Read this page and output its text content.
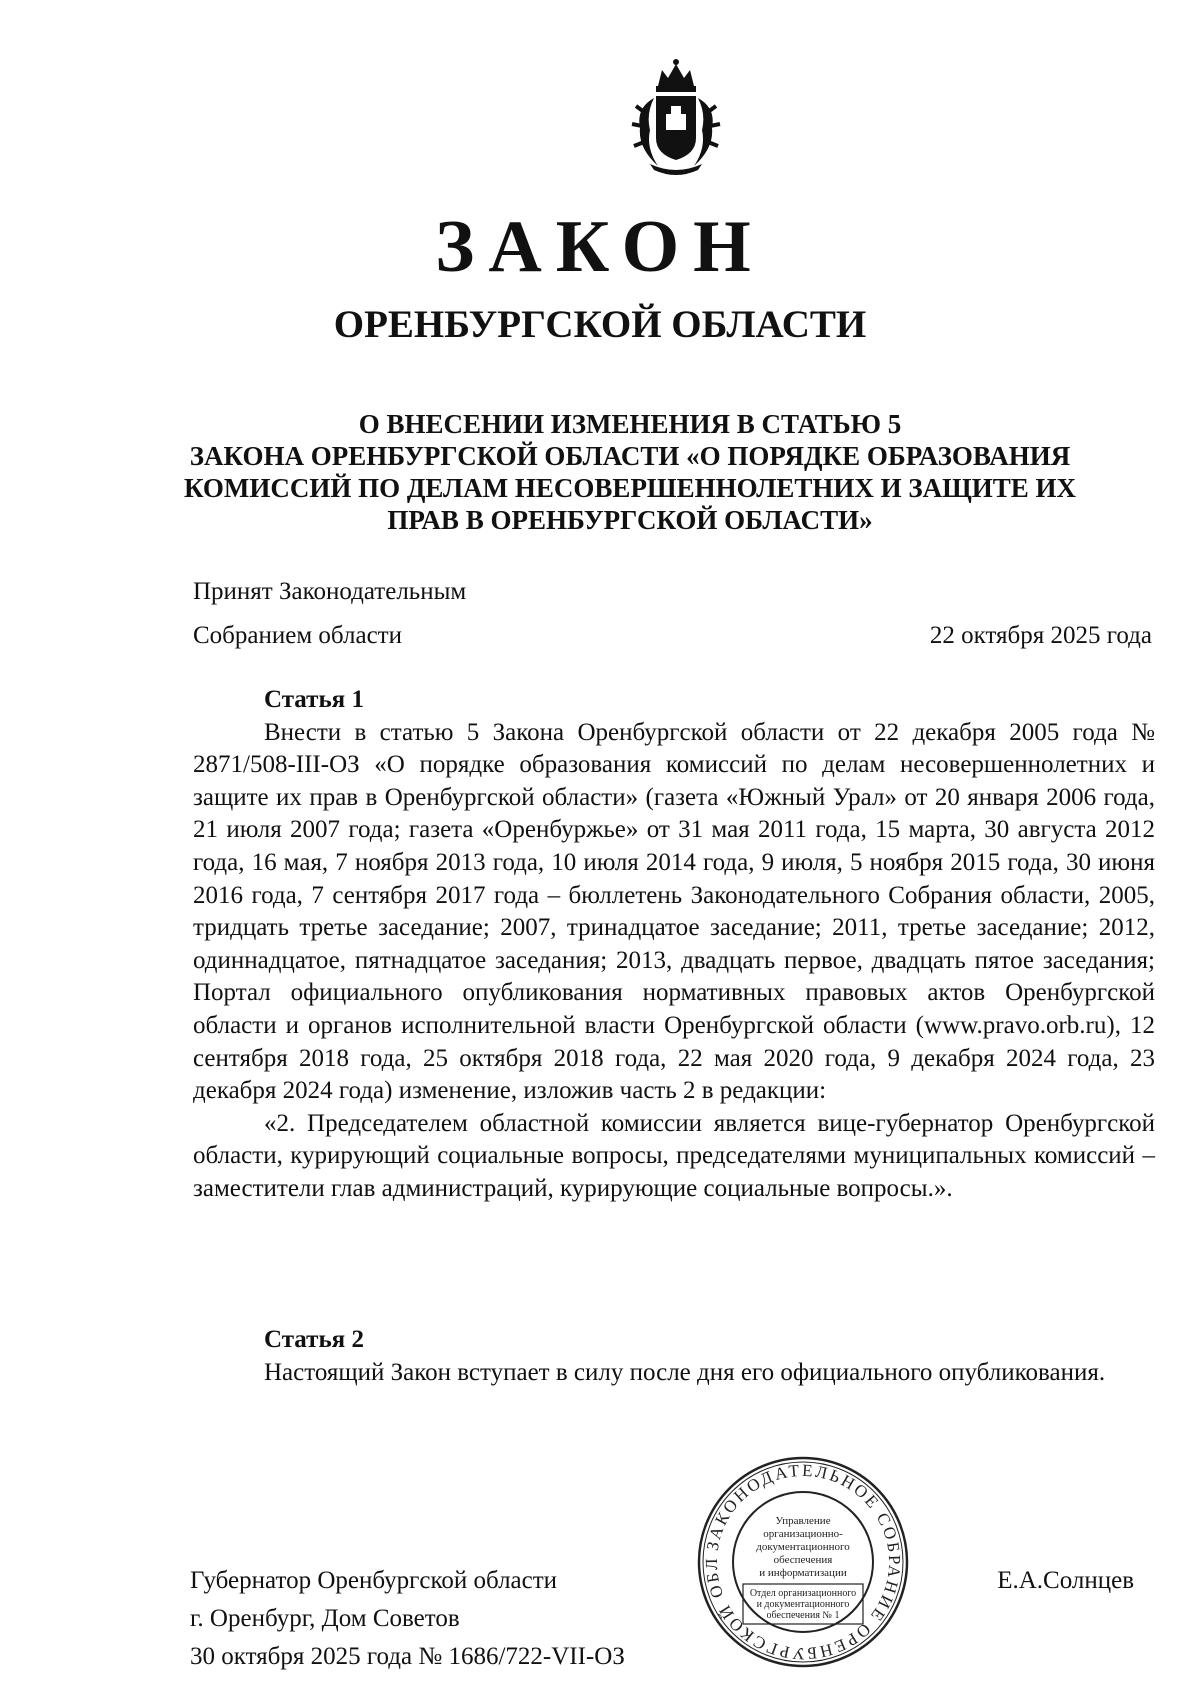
ЗАКОН
ОРЕНБУРГСКОЙ ОБЛАСТИ
О ВНЕСЕНИИ ИЗМЕНЕНИЯ В СТАТЬЮ 5
ЗАКОНА ОРЕНБУРГСКОЙ ОБЛАСТИ «О ПОРЯДКЕ ОБРАЗОВАНИЯ
КОМИССИЙ ПО ДЕЛАМ НЕСОВЕРШЕННОЛЕТНИХ И ЗАЩИТЕ ИХ
ПРАВ В ОРЕНБУРГСКОЙ ОБЛАСТИ»
Принят Законодательным
Собранием области	22 октября 2025 года
Статья 1

Внести в статью 5 Закона Оренбургской области от 22 декабря 2005 года № 2871/508-III-ОЗ «О порядке образования комиссий по делам несовершеннолетних и защите их прав в Оренбургской области» (газета «Южный Урал» от 20 января 2006 года, 21 июля 2007 года; газета «Оренбуржье» от 31 мая 2011 года, 15 марта, 30 августа 2012 года, 16 мая, 7 ноября 2013 года, 10 июля 2014 года, 9 июля, 5 ноября 2015 года, 30 июня 2016 года, 7 сентября 2017 года – бюллетень Законодательного Собрания области, 2005, тридцать третье заседание; 2007, тринадцатое заседание; 2011, третье заседание; 2012, одиннадцатое, пятнадцатое заседания; 2013, двадцать первое, двадцать пятое заседания; Портал официального опубликования нормативных правовых актов Оренбургской области и органов исполнительной власти Оренбургской области (www.pravo.orb.ru), 12 сентября 2018 года, 25 октября 2018 года, 22 мая 2020 года, 9 декабря 2024 года, 23 декабря 2024 года) изменение, изложив часть 2 в редакции:

«2. Председателем областной комиссии является вице-губернатор Оренбургской области, курирующий социальные вопросы, председателями муниципальных комиссий – заместители глав администраций, курирующие социальные вопросы.».

Статья 2

Настоящий Закон вступает в силу после дня его официального опубликования.

Губернатор Оренбургской области
г. Оренбург, Дом Советов
30 октября 2025 года № 1686/722-VII-ОЗ
Е.А.Солнцев
ЗАКОНОДАТЕЛЬНОЕ СОБРАНИЕ ОРЕНБУРГСКОЙ ОБЛ
Управление
организационно-
документационного
обеспечения
и информатизации
Отдел организационного
и документационного
обеспечения № 1
